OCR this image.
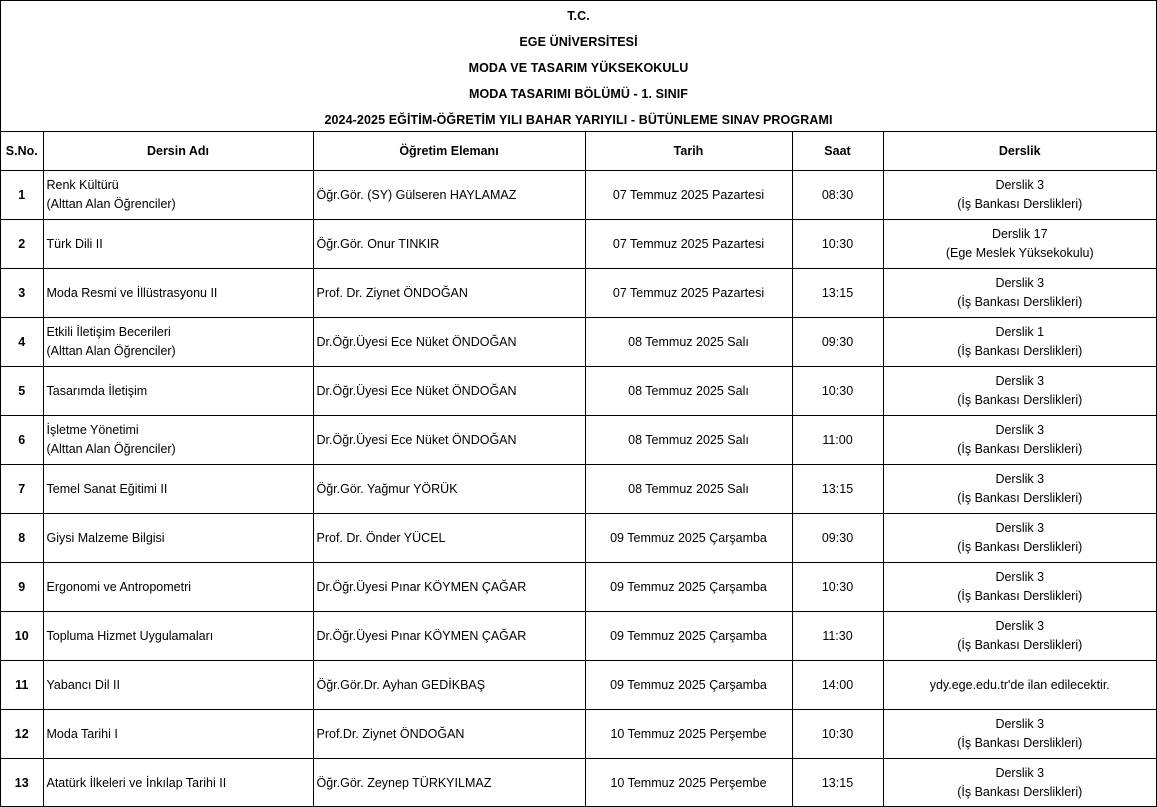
T.C.
EGE ÜNİVERSİTESİ
MODA VE TASARIM YÜKSEKOKULU
MODA TASARIMI BÖLÜMÜ - 1. SINIF
2024-2025 EĞİTİM-ÖĞRETİM YILI BAHAR YARIYILI - BÜTÜNLEME SINAV PROGRAMI
S.No.	Dersin Adı	Öğretim Elemanı	Tarih	Saat	Derslik
1	Renk Kültürü
(Alttan Alan Öğrenciler)	Öğr.Gör. (SY) Gülseren HAYLAMAZ	07 Temmuz 2025 Pazartesi	08:30	Derslik 3
(İş Bankası Derslikleri)

2	Türk Dili II	Öğr.Gör. Onur TINKIR	07 Temmuz 2025 Pazartesi	10:30	Derslik 17
(Ege Meslek Yüksekokulu)

3	Moda Resmi ve İllüstrasyonu II	Prof. Dr. Ziynet ÖNDOĞAN	07 Temmuz 2025 Pazartesi	13:15	Derslik 3
(İş Bankası Derslikleri)

4	Etkili İletişim Becerileri
(Alttan Alan Öğrenciler)	Dr.Öğr.Üyesi Ece Nüket ÖNDOĞAN	08 Temmuz 2025 Salı	09:30	Derslik 1
(İş Bankası Derslikleri)

5	Tasarımda İletişim	Dr.Öğr.Üyesi Ece Nüket ÖNDOĞAN	08 Temmuz 2025 Salı	10:30	Derslik 3
(İş Bankası Derslikleri)

6	İşletme Yönetimi
(Alttan Alan Öğrenciler)	Dr.Öğr.Üyesi Ece Nüket ÖNDOĞAN	08 Temmuz 2025 Salı	11:00	Derslik 3
(İş Bankası Derslikleri)

7	Temel Sanat Eğitimi II	Öğr.Gör. Yağmur YÖRÜK	08 Temmuz 2025 Salı	13:15	Derslik 3
(İş Bankası Derslikleri)

8	Giysi Malzeme Bilgisi	Prof. Dr. Önder YÜCEL	09 Temmuz 2025 Çarşamba	09:30	Derslik 3
(İş Bankası Derslikleri)

9	Ergonomi ve Antropometri	Dr.Öğr.Üyesi Pınar KÖYMEN ÇAĞAR	09 Temmuz 2025 Çarşamba	10:30	Derslik 3
(İş Bankası Derslikleri)

10	Topluma Hizmet Uygulamaları	Dr.Öğr.Üyesi Pınar KÖYMEN ÇAĞAR	09 Temmuz 2025 Çarşamba	11:30	Derslik 3
(İş Bankası Derslikleri)

11	Yabancı Dil II	Öğr.Gör.Dr. Ayhan GEDİKBAŞ	09 Temmuz 2025 Çarşamba	14:00	ydy.ege.edu.tr'de ilan edilecektir.

12	Moda Tarihi I	Prof.Dr. Ziynet ÖNDOĞAN	10 Temmuz 2025 Perşembe	10:30	Derslik 3
(İş Bankası Derslikleri)

13	Atatürk İlkeleri ve İnkılap Tarihi II	Öğr.Gör. Zeynep TÜRKYILMAZ	10 Temmuz 2025 Perşembe	13:15	Derslik 3
(İş Bankası Derslikleri)
